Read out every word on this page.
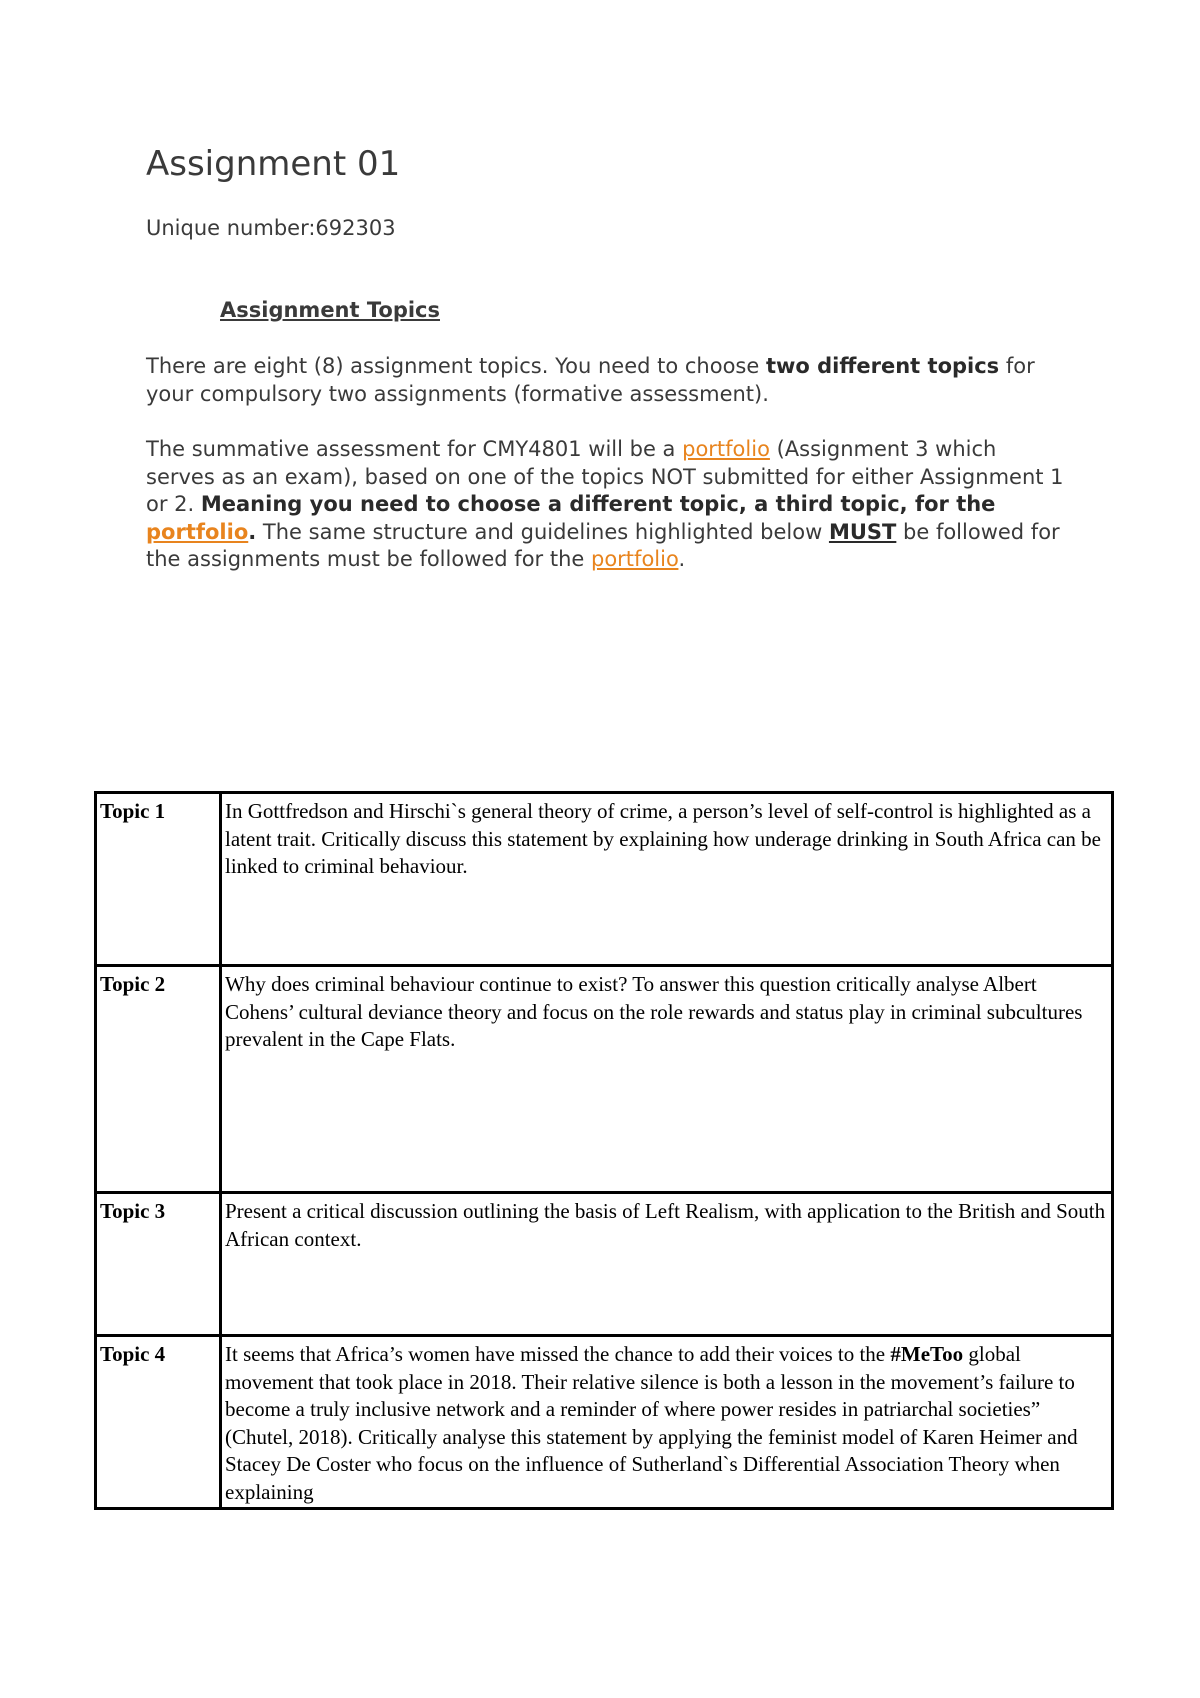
Assignment 01
Unique number:692303
Assignment Topics
There are eight (8) assignment topics. You need to choose two different topics for your compulsory two assignments (formative assessment).
The summative assessment for CMY4801 will be a portfolio (Assignment 3 which serves as an exam), based on one of the topics NOT submitted for either Assignment 1 or 2. Meaning you need to choose a different topic, a third topic, for the portfolio. The same structure and guidelines highlighted below MUST be followed for the assignments must be followed for the portfolio.
Topic 1	In Gottfredson and Hirschi`s general theory of crime, a person’s level of self-control is highlighted as a latent trait. Critically discuss this statement by explaining how underage drinking in South Africa can be linked to criminal behaviour.
Topic 2	Why does criminal behaviour continue to exist? To answer this question critically analyse Albert Cohens’ cultural deviance theory and focus on the role rewards and status play in criminal subcultures prevalent in the Cape Flats.
Topic 3	Present a critical discussion outlining the basis of Left Realism, with application to the British and South African context.
Topic 4	It seems that Africa’s women have missed the chance to add their voices to the #MeToo global movement that took place in 2018. Their relative silence is both a lesson in the movement’s failure to become a truly inclusive network and a reminder of where power resides in patriarchal societies” (Chutel, 2018). Critically analyse this statement by applying the feminist model of Karen Heimer and Stacey De Coster who focus on the influence of Sutherland`s Differential Association Theory when explaining
